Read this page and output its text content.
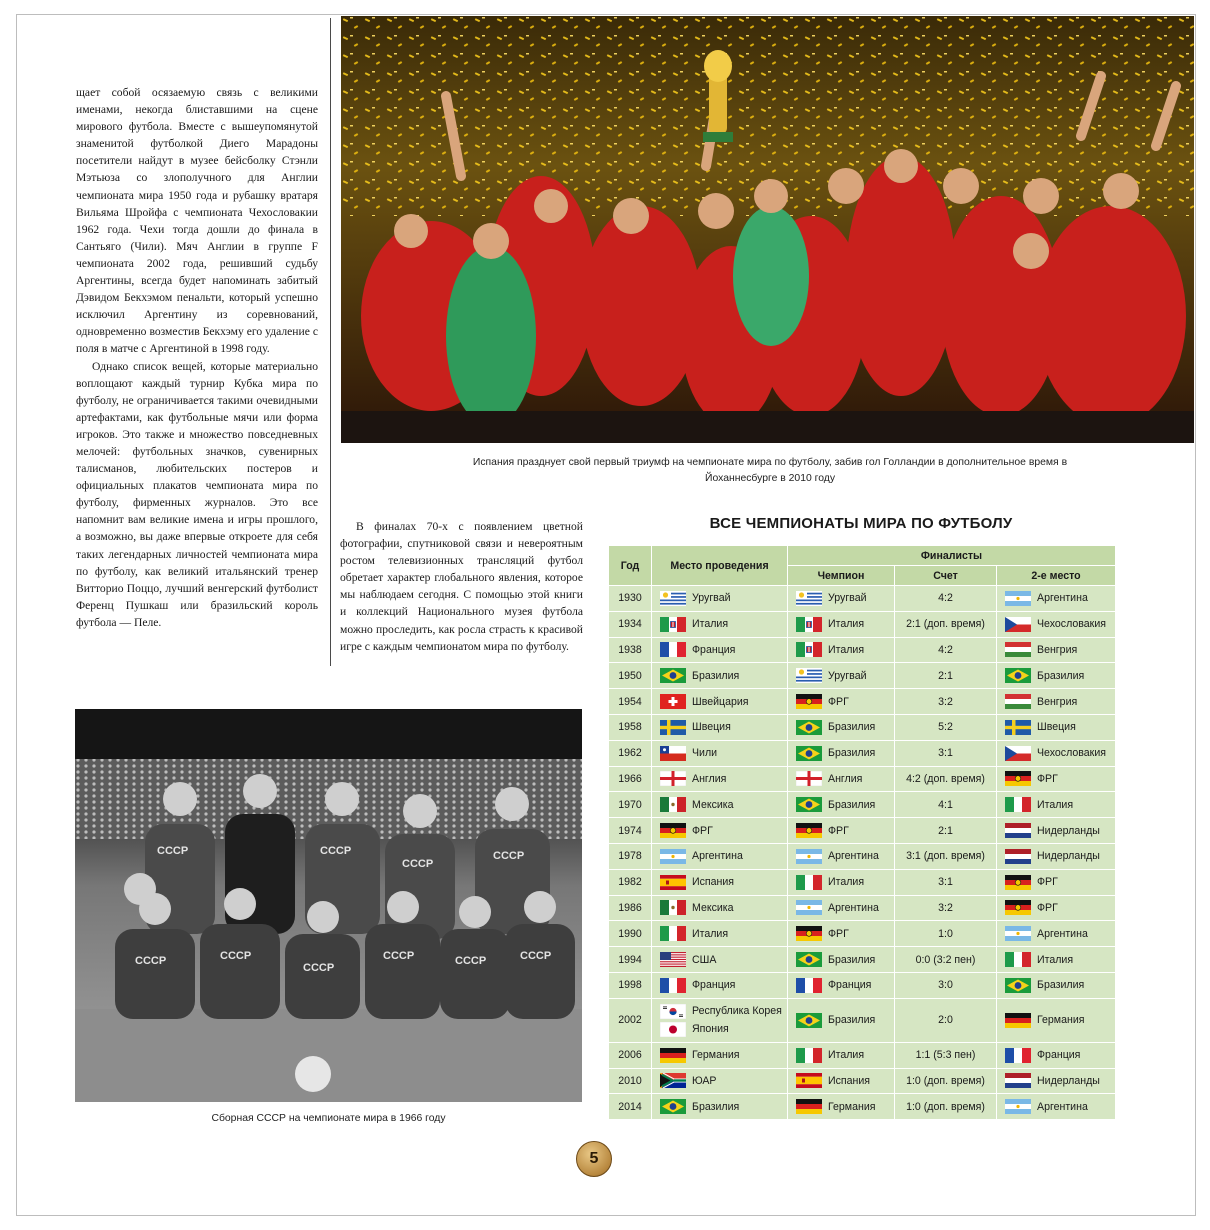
щает собой осязаемую связь с великими именами, некогда блиставшими на сцене мирового футбола. Вместе с вышеупомянутой знаменитой футболкой Диего Марадоны посетители найдут в музее бейсболку Стэнли Мэтьюза со злополучного для Англии чемпионата мира 1950 года и рубашку вратаря Вильяма Шройфа с чемпионата Чехословакии 1962 года. Чехи тогда дошли до финала в Сантьяго (Чили). Мяч Англии в группе F чемпионата 2002 года, решивший судьбу Аргентины, всегда будет напоминать забитый Дэвидом Бекхэмом пенальти, который успешно исключил Аргентину из соревнований, одновременно возместив Бекхэму его удаление с поля в матче с Аргентиной в 1998 году.

Однако список вещей, которые материально воплощают каждый турнир Кубка мира по футболу, не ограничивается такими очевидными артефактами, как футбольные мячи или форма игроков. Это также и множество повседневных мелочей: футбольных значков, сувенирных талисманов, любительских постеров и официальных плакатов чемпионата мира по футболу, фирменных журналов. Это все напомнит вам великие имена и игры прошлого, а возможно, вы даже впервые откроете для себя таких легендарных личностей чемпионата мира по футболу, как великий итальянский тренер Витторио Поццо, лучший венгерский футболист Ференц Пушкаш или бразильский король футбола — Пеле.

В финалах 70-х с появлением цветной фотографии, спутниковой связи и невероятным ростом телевизионных трансляций футбол обретает характер глобального явления, которое мы наблюдаем сегодня. С помощью этой книги и коллекций Национального музея футбола можно проследить, как росла страсть к красивой игре с каждым чемпионатом мира по футболу.
Испания празднует свой первый триумф на чемпионате мира по футболу, забив гол Голландии в дополнительное время в Йоханнесбурге в 2010 году
СССР	СССР
СССР
СССР
СССР	СССР
СССР
СССР	СССР	СССР
Сборная СССР на чемпионате мира в 1966 году
ВСЕ ЧЕМПИОНАТЫ МИРА ПО ФУТБОЛУ
Год	Место проведения	Финалисты		
		Чемпион	Счет	2-е место
1930	Уругвай	Уругвай	4:2	Аргентина

1934	Италия	Италия	2:1 (доп. время)	Чехословакия

1938	Франция	Италия	4:2	Венгрия

1950	Бразилия	Уругвай	2:1	Бразилия

1954	Швейцария	ФРГ	3:2	Венгрия

1958	Швеция	Бразилия	5:2	Швеция

1962	Чили	Бразилия	3:1	Чехословакия

1966	Англия	Англия	4:2 (доп. время)	ФРГ

1970	Мексика	Бразилия	4:1	Италия

1974	ФРГ	ФРГ	2:1	Нидерланды

1978	Аргентина	Аргентина	3:1 (доп. время)	Нидерланды

1982	Испания	Италия	3:1	ФРГ

1986	Мексика	Аргентина	3:2	ФРГ

1990	Италия	ФРГ	1:0	Аргентина

1994	США	Бразилия	0:0 (3:2 пен)	Италия

1998	Франция	Франция	3:0	Бразилия

2002	Республика Корея
Япония	Бразилия	2:0	Германия

2006	Германия	Италия	1:1 (5:3 пен)	Франция

2010	ЮАР	Испания	1:0 (доп. время)	Нидерланды

2014	Бразилия	Германия	1:0 (доп. время)	Аргентина
5
